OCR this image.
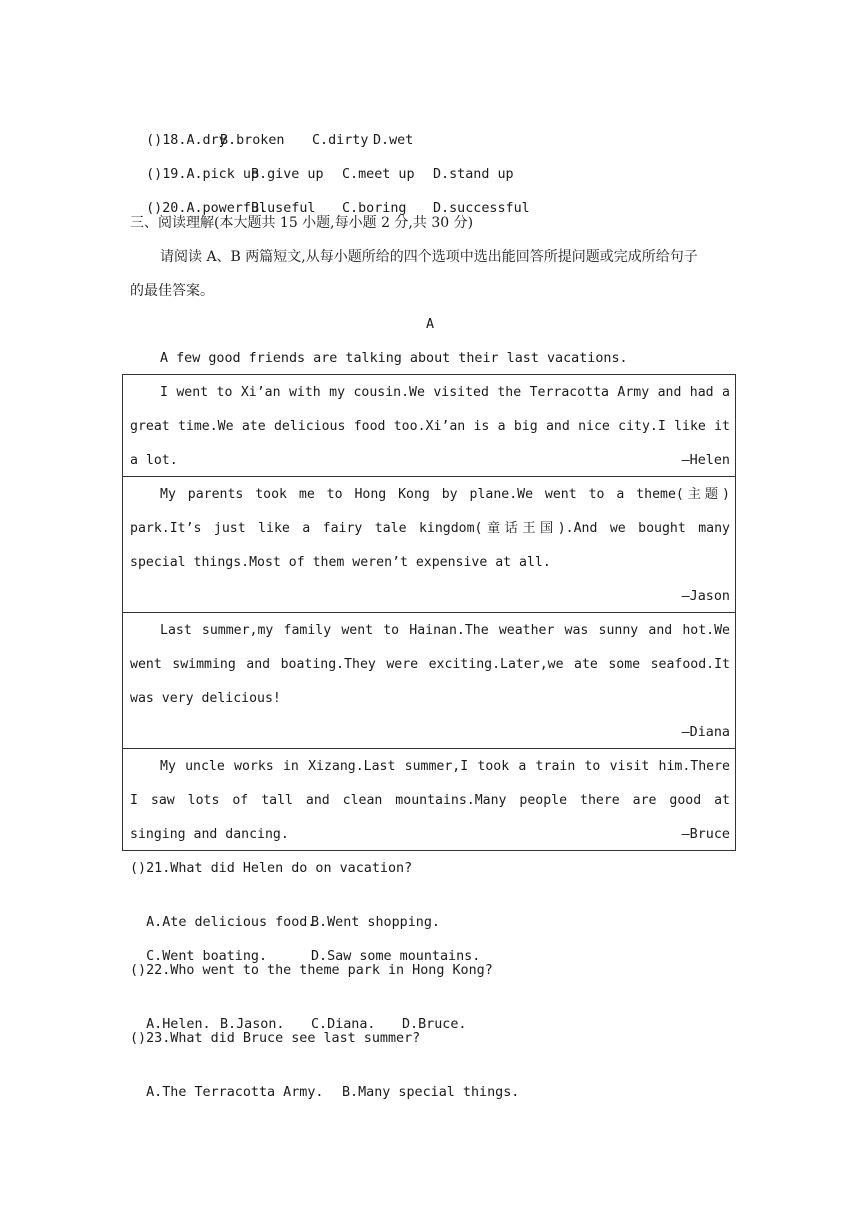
()18.A.dry
B.broken C.dirty D.wet

()19.A.pick up
B.give up C.meet up D.stand up

()20.A.powerful
B.useful C.boring D.successful

三、阅读理解(本大题共 15 小题,每小题 2 分,共 30 分)
请阅读 A、B 两篇短文,从每小题所给的四个选项中选出能回答所提问题或完成所给句子
的最佳答案。
A
A few good friends are talking about their last vacations.
I went to Xi’an with my cousin.We visited the Terracotta Army and had a great time.We ate delicious food too.Xi’an is a big and nice city.I like it a lot.	—Helen
My parents took me to Hong Kong by plane.We went to a theme(主题) park.It’s just like a fairy tale kingdom(童话王国).And we bought many special things.Most of them weren’t expensive at all.
—Jason
Last summer,my family went to Hainan.The weather was sunny and hot.We went swimming and boating.They were exciting.Later,we ate some seafood.It was very delicious!
—Diana
My uncle works in Xizang.Last summer,I took a train to visit him.There I saw lots of tall and clean mountains.Many people there are good at singing and dancing.	—Bruce
()21.What did Helen do on vacation?

A.Ate delicious food.
B.Went shopping.

C.Went boating.	D.Saw some mountains.

()22.Who went to the theme park in Hong Kong?

A.Helen. B.Jason. C.Diana. D.Bruce.

()23.What did Bruce see last summer?

A.The Terracotta Army. B.Many special things.
